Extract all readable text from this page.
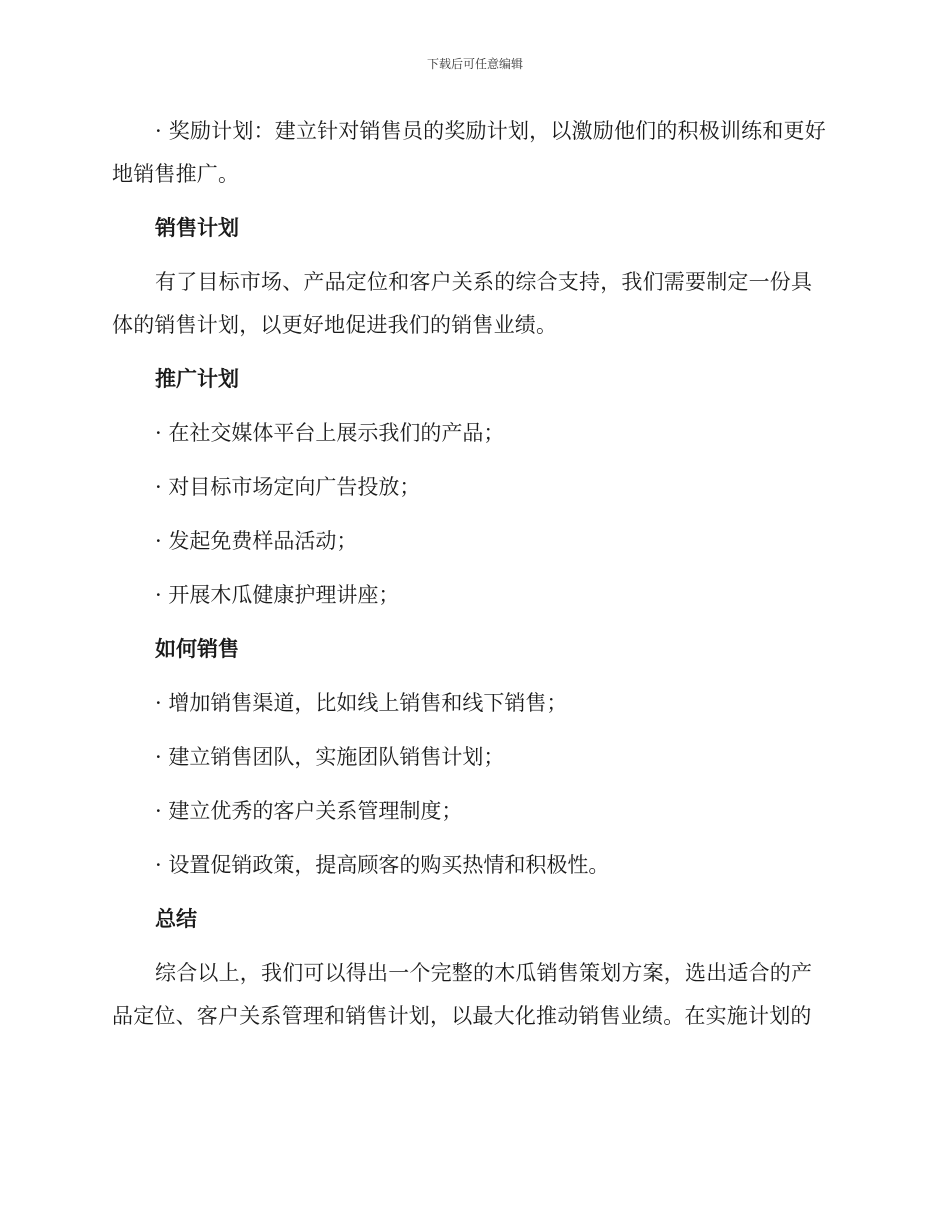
下载后可任意编辑

· 奖励计划：建立针对销售员的奖励计划，以激励他们的积极训练和更好地销售推广。

销售计划

有了目标市场、产品定位和客户关系的综合支持，我们需要制定一份具体的销售计划，以更好地促进我们的销售业绩。

推广计划
· 在社交媒体平台上展示我们的产品；
· 对目标市场定向广告投放；
· 发起免费样品活动；
· 开展木瓜健康护理讲座；
如何销售
· 增加销售渠道，比如线上销售和线下销售；
· 建立销售团队，实施团队销售计划；
· 建立优秀的客户关系管理制度；
· 设置促销政策，提高顾客的购买热情和积极性。
总结

综合以上，我们可以得出一个完整的木瓜销售策划方案，选出适合的产品定位、客户关系管理和销售计划，以最大化推动销售业绩。在实施计划的
